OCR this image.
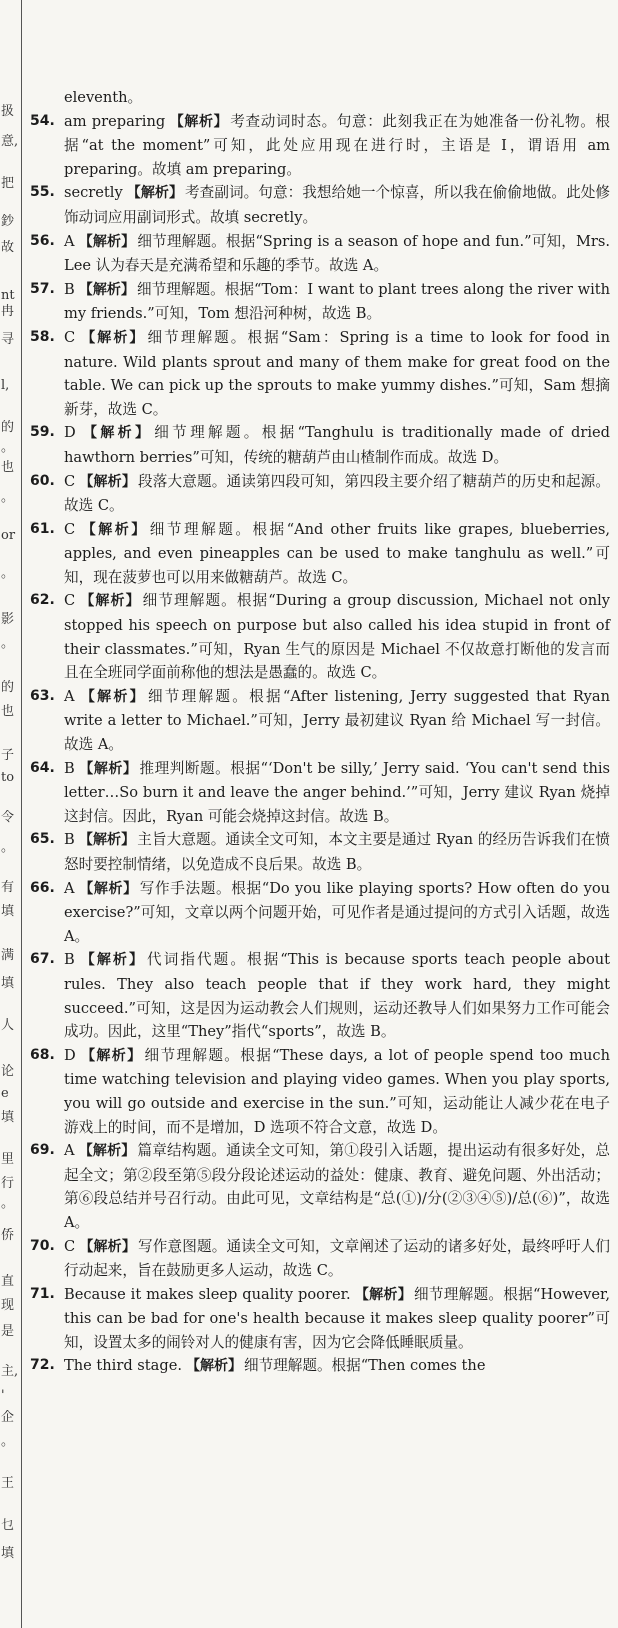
扱
意,
把
鈔
故
nt
冉
寻
l,
的
。
也
。
or
。
影
。
的
也
子
to
令
。
有
填
满
填
人
论
e
填
里
行
。
侨
直
现
是
主,
'
企
。
王
乜
填
eleventh。
54. am preparing 【解析】 考查动词时态。句意：此刻我正在为她准备一份礼物。根据“at the moment”可知，此处应用现在进行时，主语是 I，谓语用 am preparing。故填 am preparing。
55. secretly 【解析】 考查副词。句意：我想给她一个惊喜，所以我在偷偷地做。此处修饰动词应用副词形式。故填 secretly。
56. A 【解析】 细节理解题。根据“Spring is a season of hope and fun.”可知，Mrs. Lee 认为春天是充满希望和乐趣的季节。故选 A。
57. B 【解析】 细节理解题。根据“Tom：I want to plant trees along the river with my friends.”可知，Tom 想沿河种树，故选 B。
58. C 【解析】 细节理解题。根据“Sam：Spring is a time to look for food in nature. Wild plants sprout and many of them make for great food on the table. We can pick up the sprouts to make yummy dishes.”可知，Sam 想摘新芽，故选 C。
59. D 【解析】 细节理解题。根据“Tanghulu is traditionally made of dried hawthorn berries”可知，传统的糖葫芦由山楂制作而成。故选 D。
60. C 【解析】 段落大意题。通读第四段可知，第四段主要介绍了糖葫芦的历史和起源。故选 C。
61. C 【解析】 细节理解题。根据“And other fruits like grapes, blueberries, apples, and even pineapples can be used to make tanghulu as well.”可知，现在菠萝也可以用来做糖葫芦。故选 C。
62. C 【解析】 细节理解题。根据“During a group discussion, Michael not only stopped his speech on purpose but also called his idea stupid in front of their classmates.”可知，Ryan 生气的原因是 Michael 不仅故意打断他的发言而且在全班同学面前称他的想法是愚蠢的。故选 C。
63. A 【解析】 细节理解题。根据“After listening, Jerry suggested that Ryan write a letter to Michael.”可知，Jerry 最初建议 Ryan 给 Michael 写一封信。故选 A。
64. B 【解析】 推理判断题。根据“‘Don't be silly,’ Jerry said. ‘You can't send this letter…So burn it and leave the anger behind.’”可知，Jerry 建议 Ryan 烧掉这封信。因此，Ryan 可能会烧掉这封信。故选 B。
65. B 【解析】 主旨大意题。通读全文可知，本文主要是通过 Ryan 的经历告诉我们在愤怒时要控制情绪，以免造成不良后果。故选 B。
66. A 【解析】 写作手法题。根据“Do you like playing sports? How often do you exercise?”可知，文章以两个问题开始，可见作者是通过提问的方式引入话题，故选 A。
67. B 【解析】 代词指代题。根据“This is because sports teach people about rules. They also teach people that if they work hard, they might succeed.”可知，这是因为运动教会人们规则，运动还教导人们如果努力工作可能会成功。因此，这里“They”指代“sports”，故选 B。
68. D 【解析】 细节理解题。根据“These days, a lot of people spend too much time watching television and playing video games. When you play sports, you will go outside and exercise in the sun.”可知，运动能让人减少花在电子游戏上的时间，而不是增加，D 选项不符合文意，故选 D。
69. A 【解析】 篇章结构题。通读全文可知，第①段引入话题，提出运动有很多好处，总起全文；第②段至第⑤段分段论述运动的益处：健康、教育、避免问题、外出活动；第⑥段总结并号召行动。由此可见，文章结构是“总(①)/分(②③④⑤)/总(⑥)”，故选 A。
70. C 【解析】 写作意图题。通读全文可知，文章阐述了运动的诸多好处，最终呼吁人们行动起来，旨在鼓励更多人运动，故选 C。
71. Because it makes sleep quality poorer. 【解析】 细节理解题。根据“However, this can be bad for one's health because it makes sleep quality poorer”可知，设置太多的闹铃对人的健康有害，因为它会降低睡眠质量。
72. The third stage. 【解析】 细节理解题。根据“Then comes the
